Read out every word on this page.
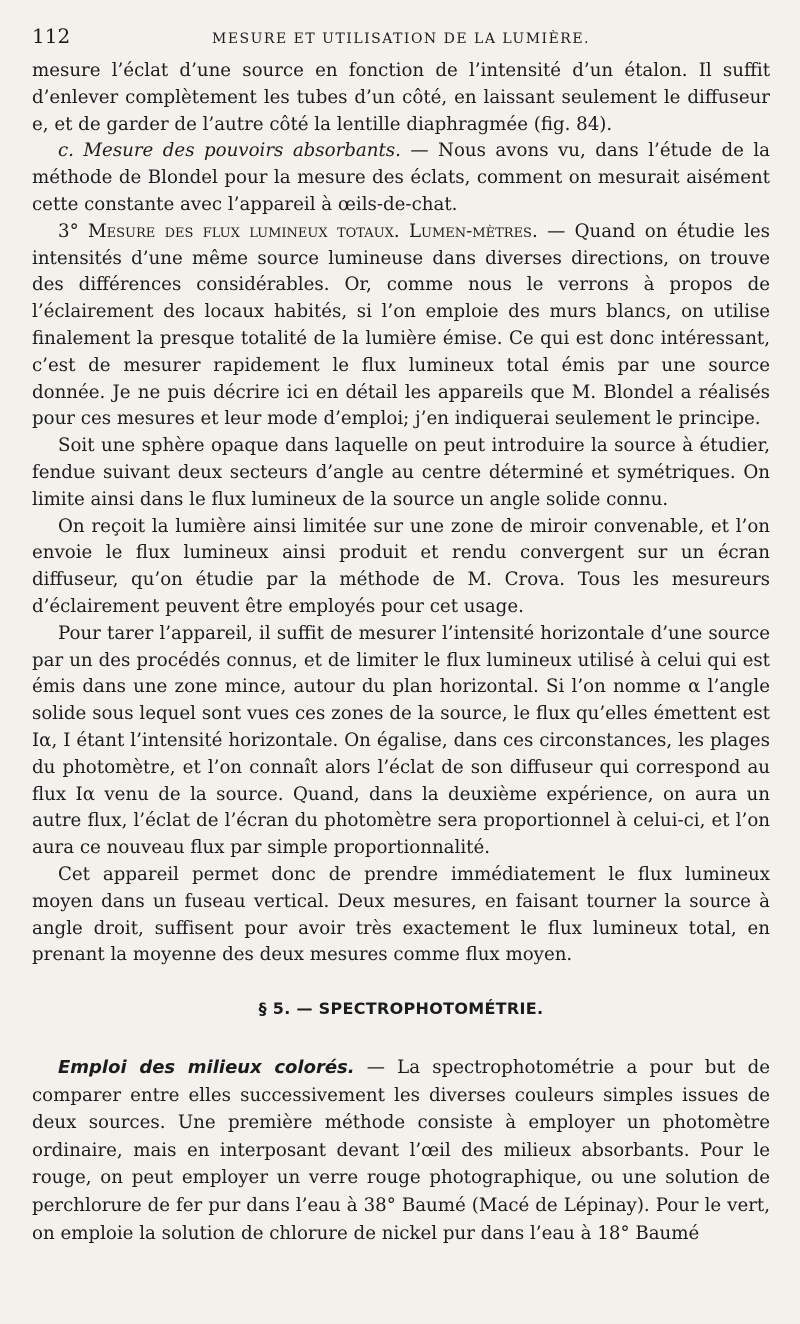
112	MESURE ET UTILISATION DE LA LUMIÈRE.

mesure l’éclat d’une source en fonction de l’intensité d’un étalon. Il suffit d’enlever complètement les tubes d’un côté, en laissant seulement le diffuseur e, et de garder de l’autre côté la lentille diaphragmée (fig. 84).

c. Mesure des pouvoirs absorbants. — Nous avons vu, dans l’étude de la méthode de Blondel pour la mesure des éclats, comment on mesurait aisément cette constante avec l’appareil à œils-de-chat.

3° Mesure des flux lumineux totaux. Lumen-mètres. — Quand on étudie les intensités d’une même source lumineuse dans diverses directions, on trouve des différences considérables. Or, comme nous le verrons à propos de l’éclairement des locaux habités, si l’on emploie des murs blancs, on utilise finalement la presque totalité de la lumière émise. Ce qui est donc intéressant, c’est de mesurer rapidement le flux lumineux total émis par une source donnée. Je ne puis décrire ici en détail les appareils que M. Blondel a réalisés pour ces mesures et leur mode d’emploi; j’en indiquerai seulement le principe.

Soit une sphère opaque dans laquelle on peut introduire la source à étudier, fendue suivant deux secteurs d’angle au centre déterminé et symétriques. On limite ainsi dans le flux lumineux de la source un angle solide connu.

On reçoit la lumière ainsi limitée sur une zone de miroir convenable, et l’on envoie le flux lumineux ainsi produit et rendu convergent sur un écran diffuseur, qu’on étudie par la méthode de M. Crova. Tous les mesureurs d’éclairement peuvent être employés pour cet usage.

Pour tarer l’appareil, il suffit de mesurer l’intensité horizontale d’une source par un des procédés connus, et de limiter le flux lumineux utilisé à celui qui est émis dans une zone mince, autour du plan horizontal. Si l’on nomme α l’angle solide sous lequel sont vues ces zones de la source, le flux qu’elles émettent est Iα, I étant l’intensité horizontale. On égalise, dans ces circonstances, les plages du photomètre, et l’on connaît alors l’éclat de son diffuseur qui correspond au flux Iα venu de la source. Quand, dans la deuxième expérience, on aura un autre flux, l’éclat de l’écran du photomètre sera proportionnel à celui-ci, et l’on aura ce nouveau flux par simple proportionnalité.

Cet appareil permet donc de prendre immédiatement le flux lumineux moyen dans un fuseau vertical. Deux mesures, en faisant tourner la source à angle droit, suffisent pour avoir très exactement le flux lumineux total, en prenant la moyenne des deux mesures comme flux moyen.

§ 5. — SPECTROPHOTOMÉTRIE.

Emploi des milieux colorés. — La spectrophotométrie a pour but de comparer entre elles successivement les diverses couleurs simples issues de deux sources. Une première méthode consiste à employer un photomètre ordinaire, mais en interposant devant l’œil des milieux absorbants. Pour le rouge, on peut employer un verre rouge photographique, ou une solution de perchlorure de fer pur dans l’eau à 38° Baumé (Macé de Lépinay). Pour le vert, on emploie la solution de chlorure de nickel pur dans l’eau à 18° Baumé
